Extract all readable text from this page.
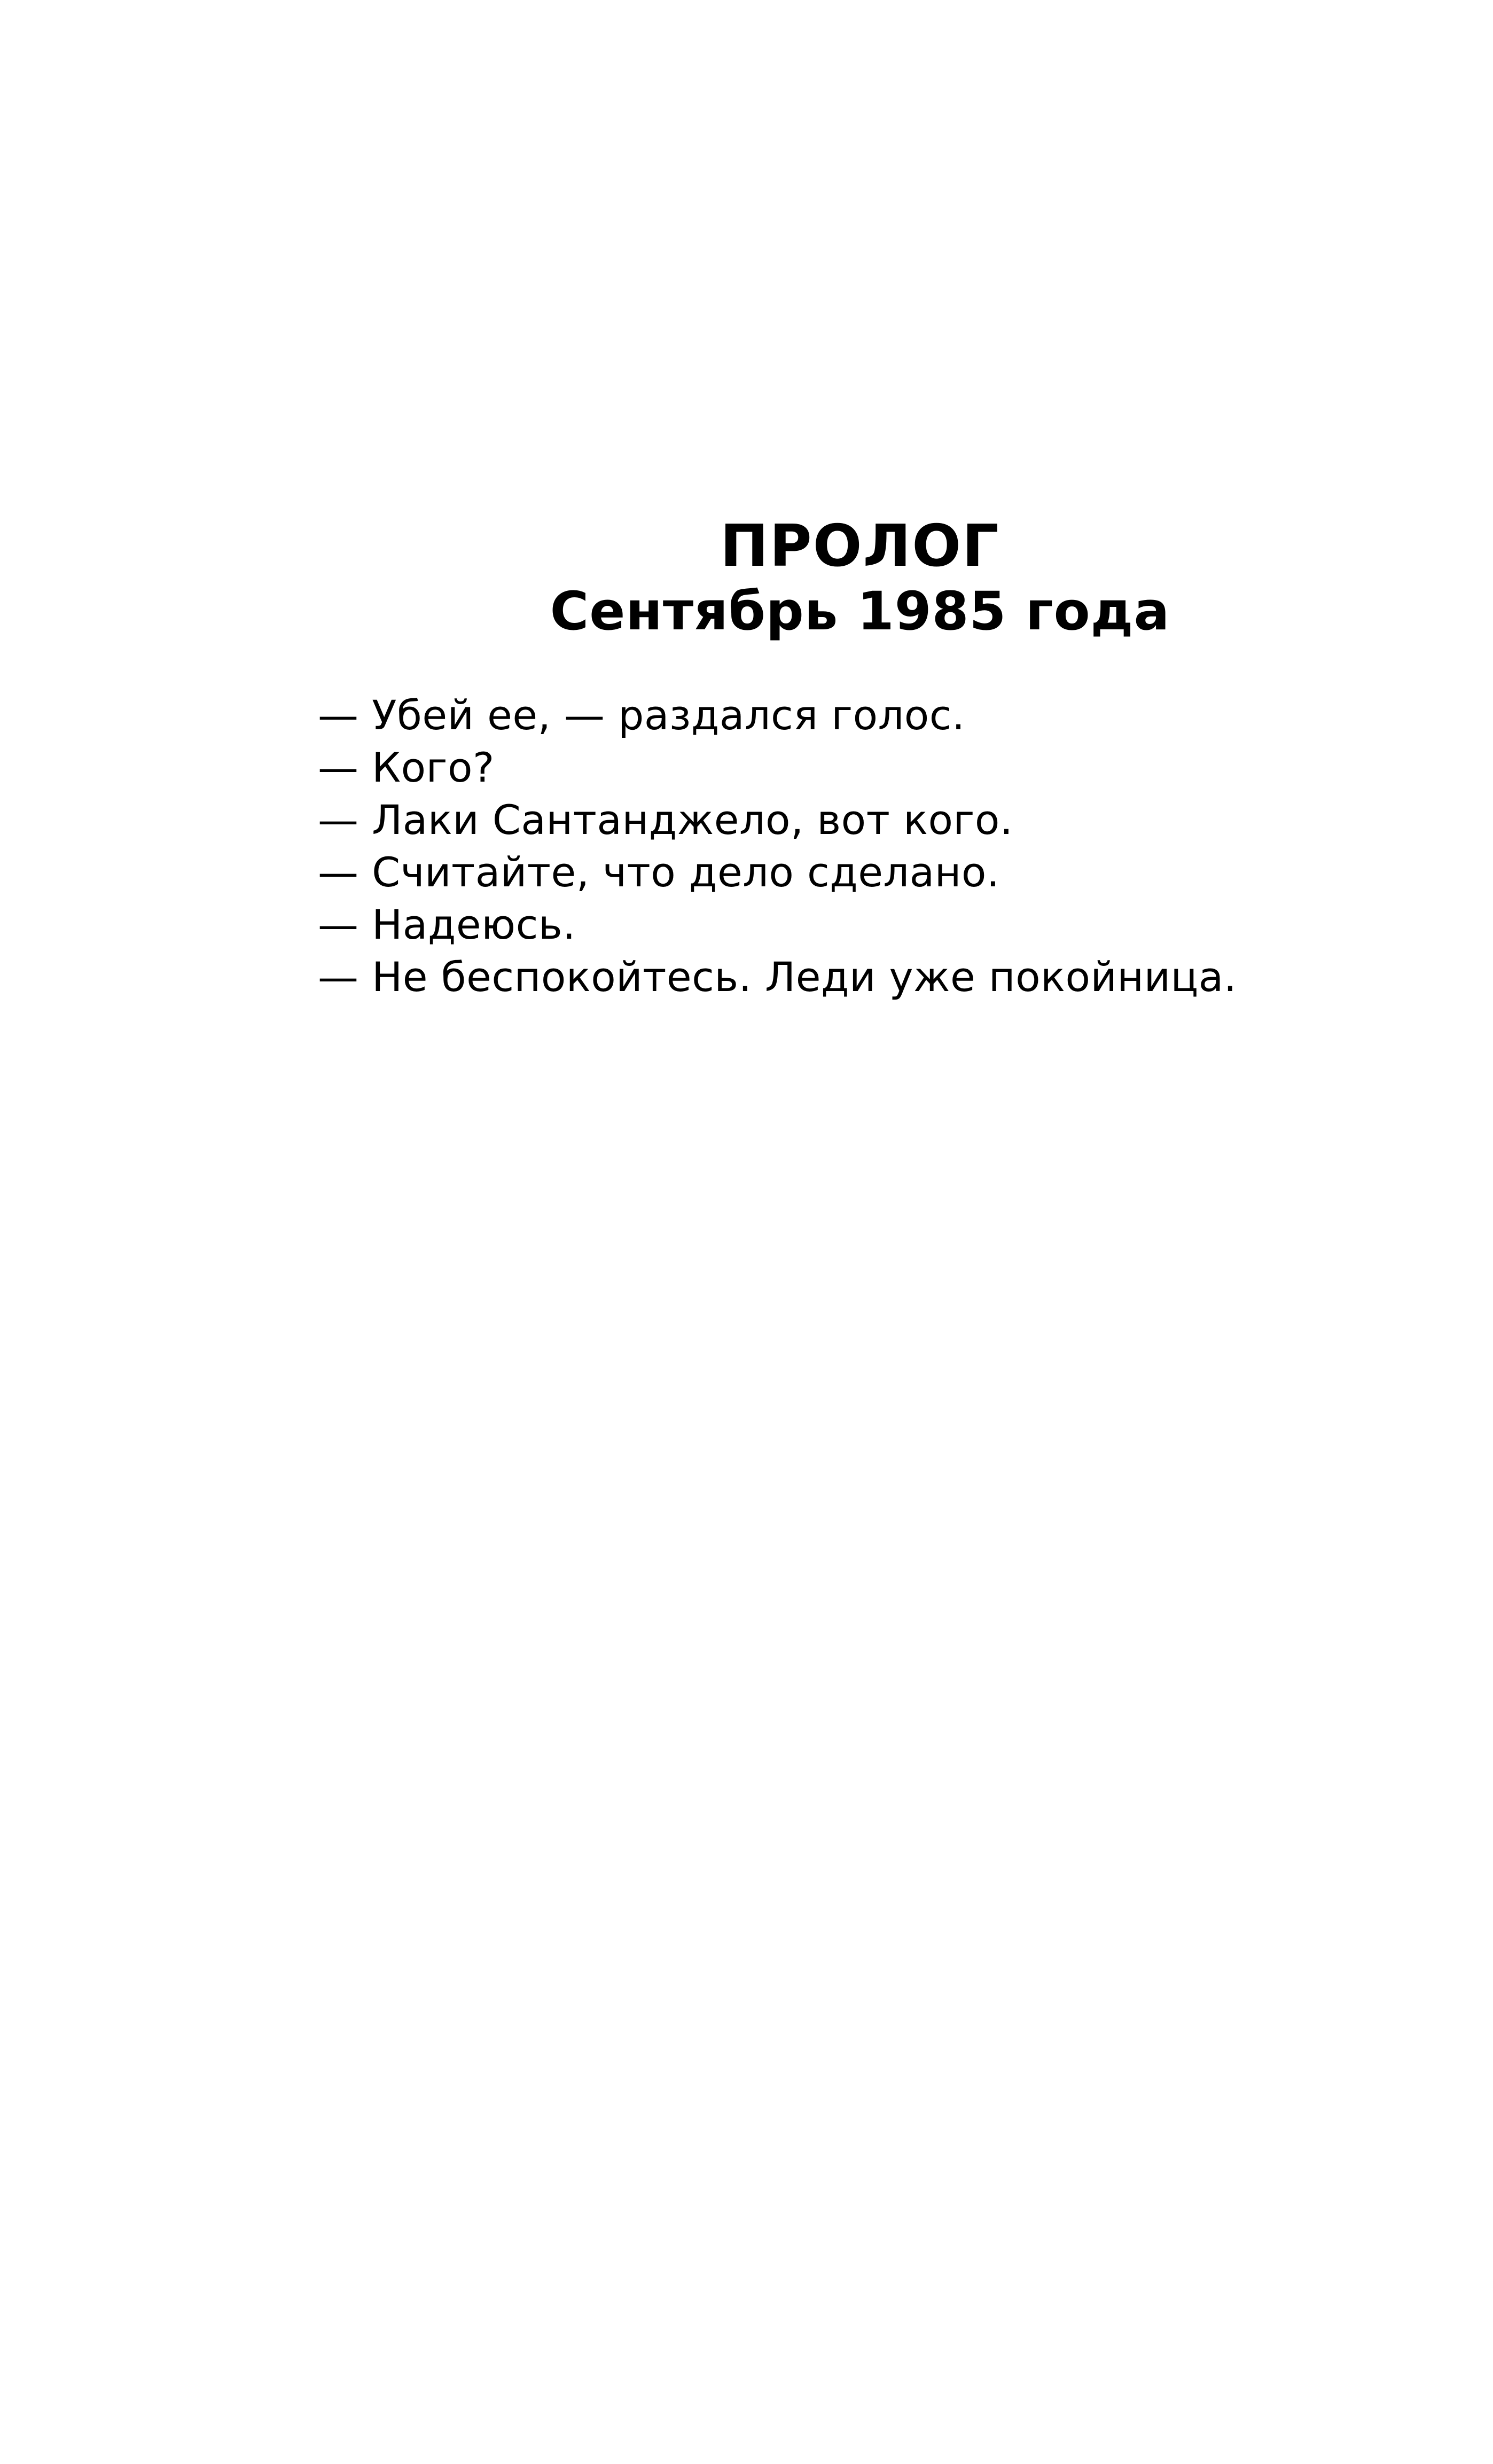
ПРОЛОГ
Сентябрь 1985 года
— Убей ее, — раздался голос.
— Кого?
— Лаки Сантанджело, вот кого.
— Считайте, что дело сделано.
— Надеюсь.
— Не беспокойтесь. Леди уже покойница.
